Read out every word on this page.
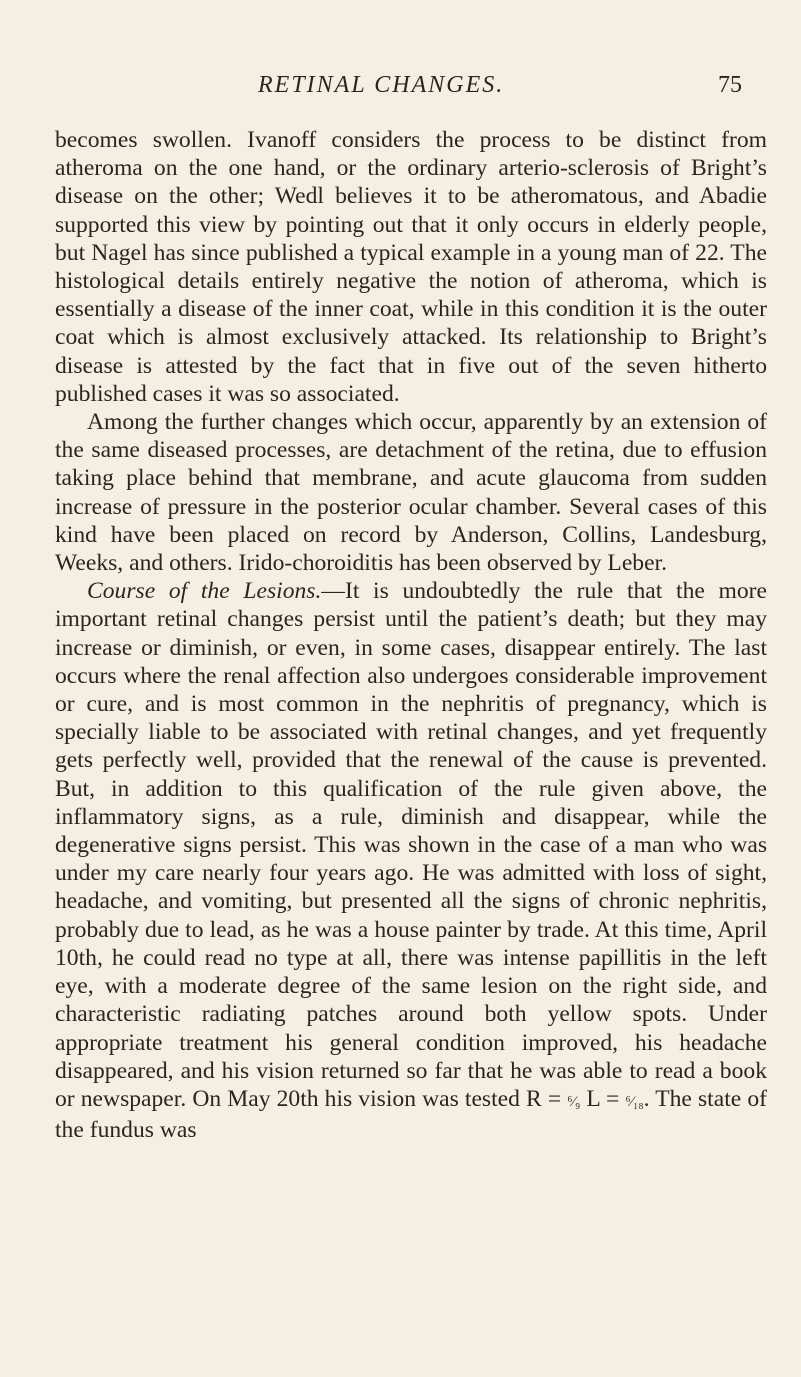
RETINAL CHANGES.	75

becomes swollen. Ivanoff considers the process to be distinct from atheroma on the one hand, or the ordinary arterio-sclerosis of Bright’s disease on the other; Wedl believes it to be atheromatous, and Abadie supported this view by pointing out that it only occurs in elderly people, but Nagel has since published a typical example in a young man of 22. The histological details entirely negative the notion of atheroma, which is essentially a disease of the inner coat, while in this condition it is the outer coat which is almost exclusively attacked. Its relationship to Bright’s disease is attested by the fact that in five out of the seven hitherto published cases it was so associated.

Among the further changes which occur, apparently by an extension of the same diseased processes, are detachment of the retina, due to effusion taking place behind that membrane, and acute glaucoma from sudden increase of pressure in the posterior ocular chamber. Several cases of this kind have been placed on record by Anderson, Collins, Landesburg, Weeks, and others. Irido-choroiditis has been observed by Leber.

Course of the Lesions.—It is undoubtedly the rule that the more important retinal changes persist until the patient’s death; but they may increase or diminish, or even, in some cases, disappear entirely. The last occurs where the renal affection also undergoes considerable improvement or cure, and is most common in the nephritis of pregnancy, which is specially liable to be associated with retinal changes, and yet frequently gets perfectly well, provided that the renewal of the cause is prevented. But, in addition to this qualification of the rule given above, the inflammatory signs, as a rule, diminish and disappear, while the degenerative signs persist. This was shown in the case of a man who was under my care nearly four years ago. He was admitted with loss of sight, headache, and vomiting, but presented all the signs of chronic nephritis, probably due to lead, as he was a house painter by trade. At this time, April 10th, he could read no type at all, there was intense papillitis in the left eye, with a moderate degree of the same lesion on the right side, and characteristic radiating patches around both yellow spots. Under appropriate treatment his general condition improved, his headache disappeared, and his vision returned so far that he was able to read a book or newspaper. On May 20th his vision was tested R = ⁶⁄₉ L = ⁶⁄₁₈. The state of the fundus was
